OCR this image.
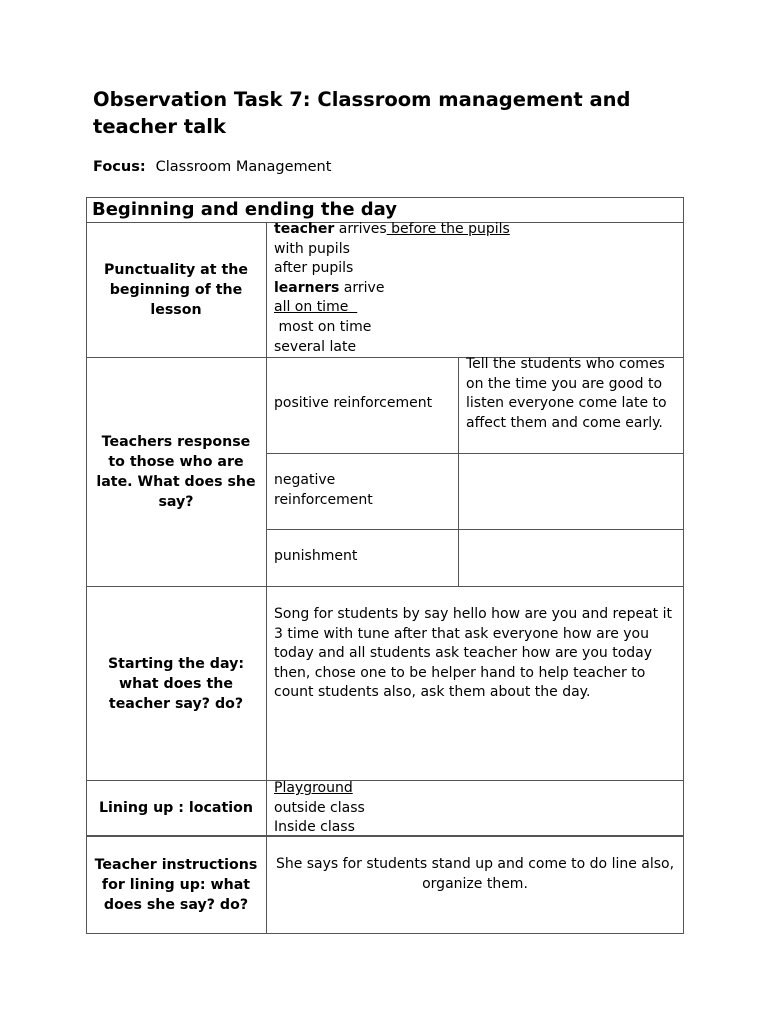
Observation Task 7: Classroom management and teacher talk
Focus: Classroom Management
Beginning and ending the day
Punctuality at the beginning of the lesson
teacher arrives before the pupils
with pupils
after pupils
learners arrive
all on time
most on time
several late
Teachers response to those who are late. What does she say?
positive reinforcement
Tell the students who comes on the time you are good to listen everyone come late to affect them and come early.
negative reinforcement
punishment
Starting the day: what does the teacher say? do?
Song for students by say hello how are you and repeat it 3 time with tune after that ask everyone how are you today and all students ask teacher how are you today then, chose one to be helper hand to help teacher to count students also, ask them about the day.
Lining up : location
Playground
outside class
Inside class
Teacher instructions for lining up: what does she say? do?
She says for students stand up and come to do line also, organize them.
